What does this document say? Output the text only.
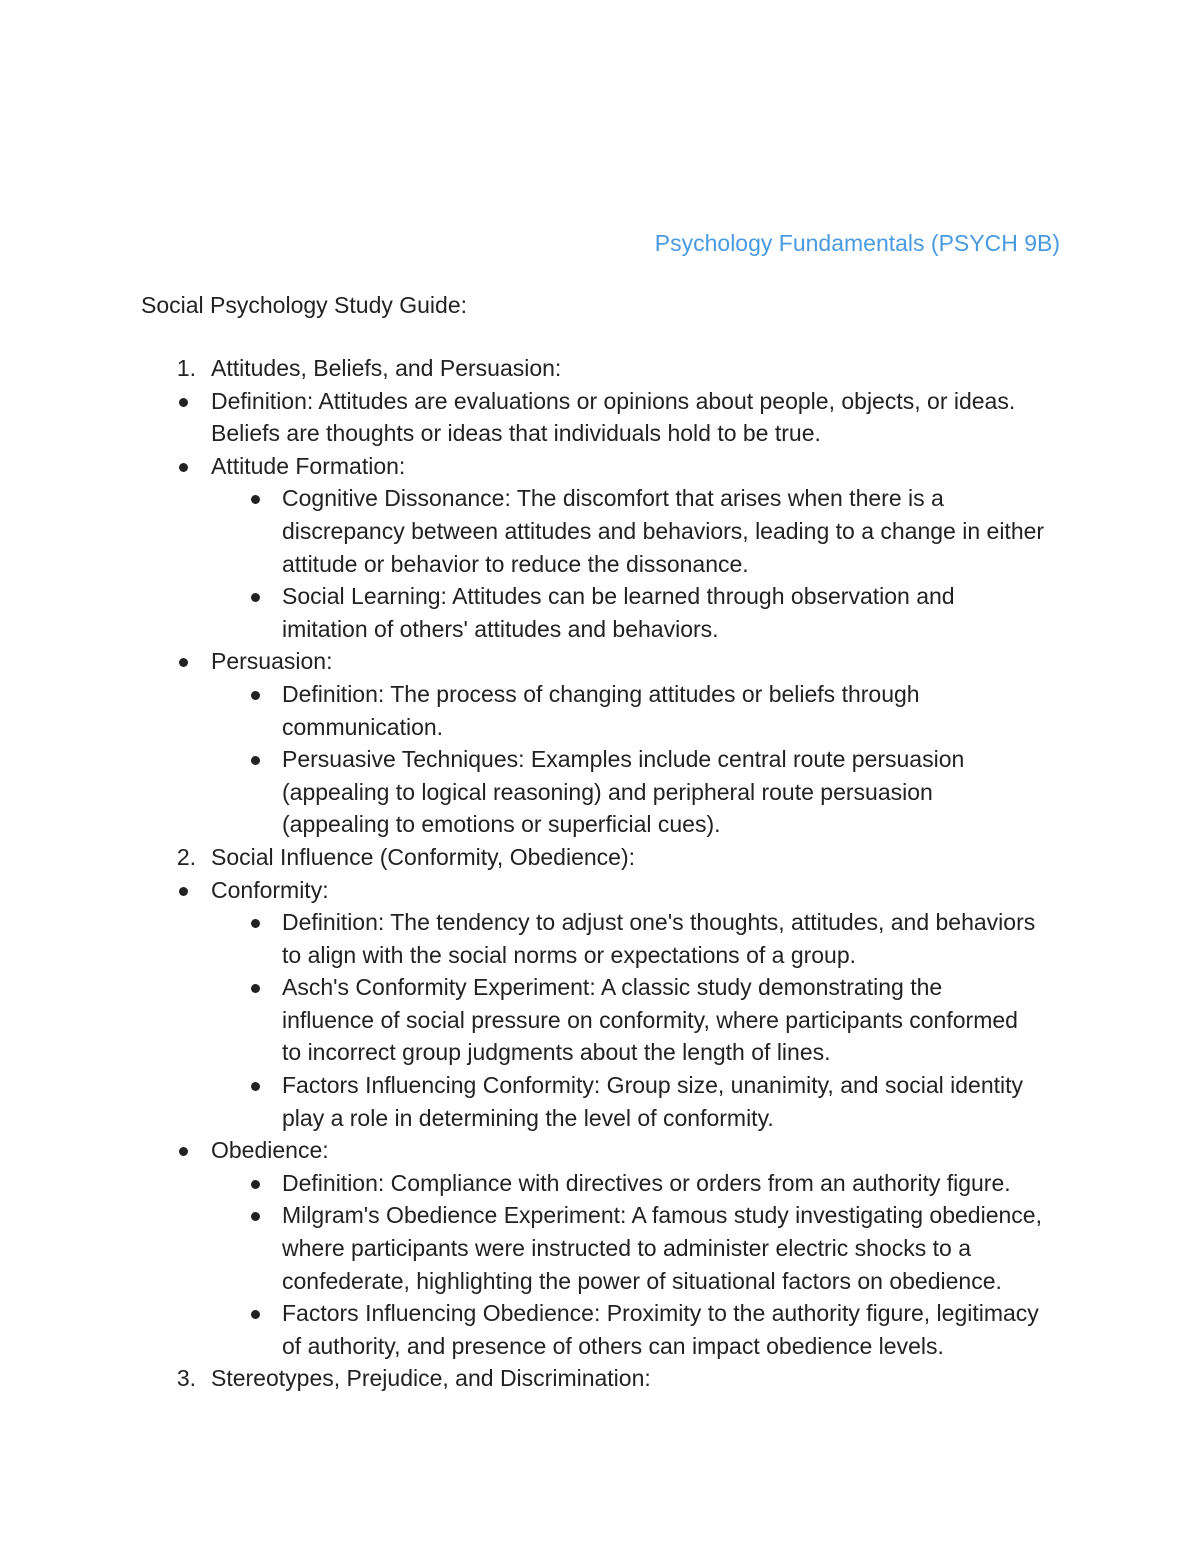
Psychology Fundamentals (PSYCH 9B)
Social Psychology Study Guide:
1. Attitudes, Beliefs, and Persuasion:
Definition: Attitudes are evaluations or opinions about people, objects, or ideas.
Beliefs are thoughts or ideas that individuals hold to be true.
Attitude Formation:
Cognitive Dissonance: The discomfort that arises when there is a
discrepancy between attitudes and behaviors, leading to a change in either
attitude or behavior to reduce the dissonance.
Social Learning: Attitudes can be learned through observation and
imitation of others' attitudes and behaviors.
Persuasion:
Definition: The process of changing attitudes or beliefs through
communication.
Persuasive Techniques: Examples include central route persuasion
(appealing to logical reasoning) and peripheral route persuasion
(appealing to emotions or superficial cues).
2. Social Influence (Conformity, Obedience):
Conformity:
Definition: The tendency to adjust one's thoughts, attitudes, and behaviors
to align with the social norms or expectations of a group.
Asch's Conformity Experiment: A classic study demonstrating the
influence of social pressure on conformity, where participants conformed
to incorrect group judgments about the length of lines.
Factors Influencing Conformity: Group size, unanimity, and social identity
play a role in determining the level of conformity.
Obedience:
Definition: Compliance with directives or orders from an authority figure.
Milgram's Obedience Experiment: A famous study investigating obedience,
where participants were instructed to administer electric shocks to a
confederate, highlighting the power of situational factors on obedience.
Factors Influencing Obedience: Proximity to the authority figure, legitimacy
of authority, and presence of others can impact obedience levels.
3. Stereotypes, Prejudice, and Discrimination:
